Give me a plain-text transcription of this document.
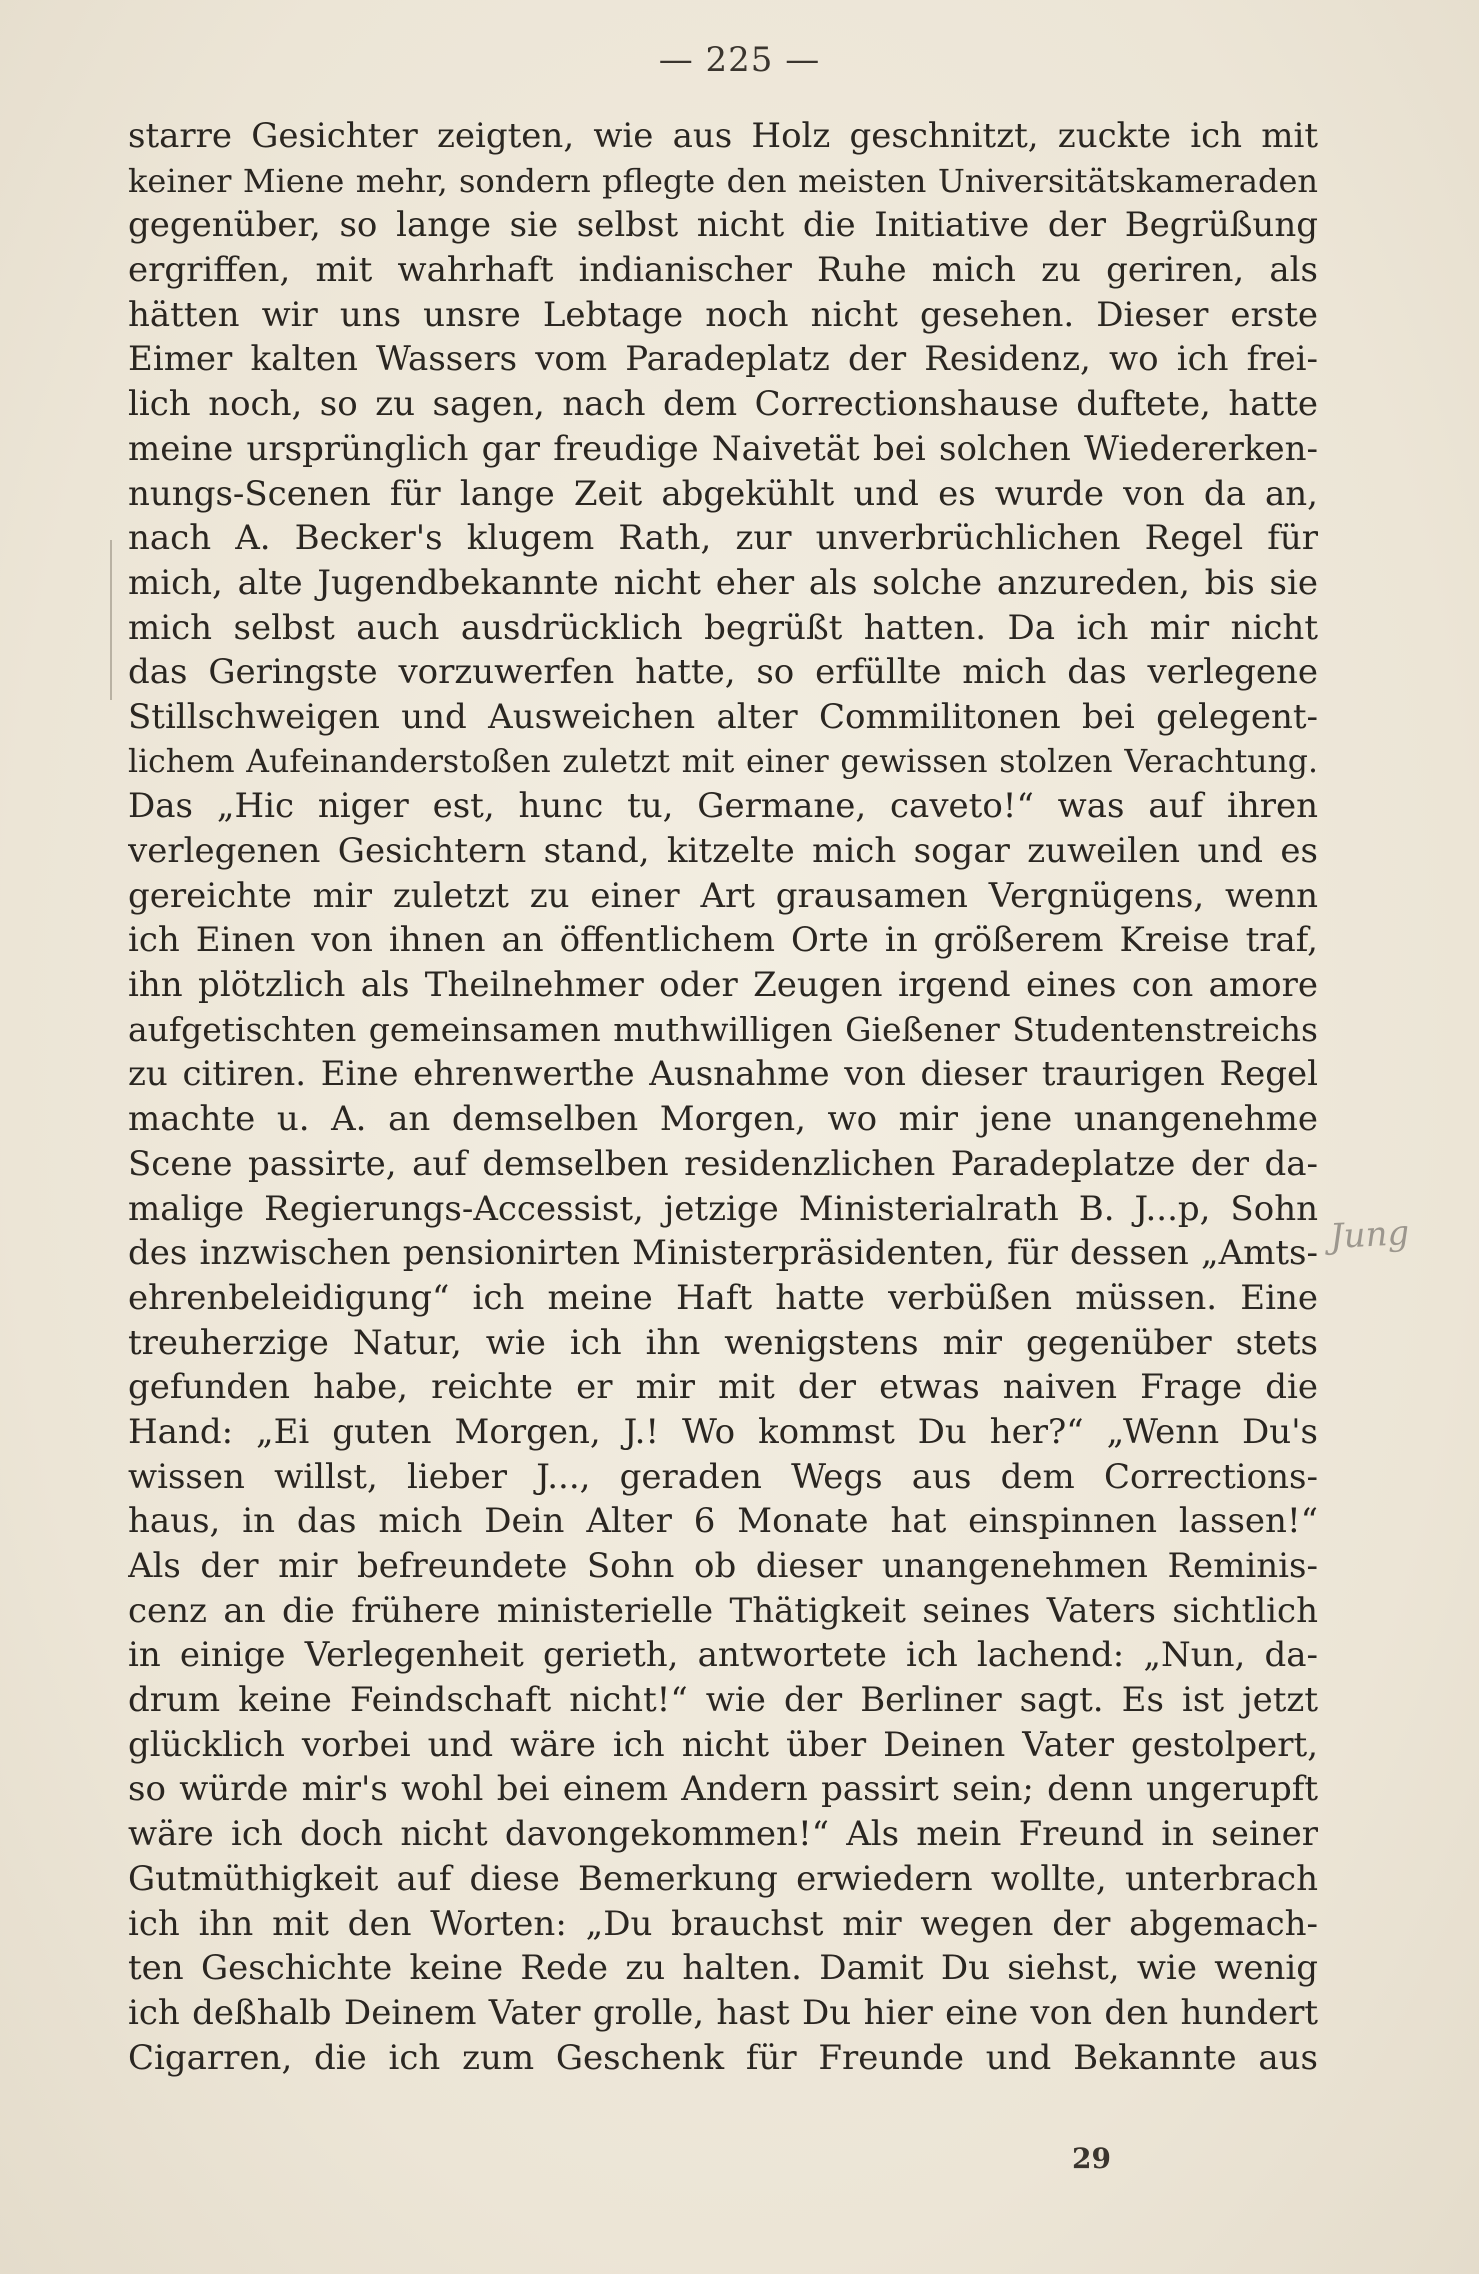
— 225 —
starre Gesichter zeigten, wie aus Holz geschnitzt, zuckte ich mit
keiner Miene mehr, sondern pflegte den meisten Universitätskameraden
gegenüber, so lange sie selbst nicht die Initiative der Begrüßung
ergriffen, mit wahrhaft indianischer Ruhe mich zu geriren, als
hätten wir uns unsre Lebtage noch nicht gesehen. Dieser erste
Eimer kalten Wassers vom Paradeplatz der Residenz, wo ich frei-
lich noch, so zu sagen, nach dem Correctionshause duftete, hatte
meine ursprünglich gar freudige Naivetät bei solchen Wiedererken-
nungs-Scenen für lange Zeit abgekühlt und es wurde von da an,
nach A. Becker's klugem Rath, zur unverbrüchlichen Regel für
mich, alte Jugendbekannte nicht eher als solche anzureden, bis sie
mich selbst auch ausdrücklich begrüßt hatten. Da ich mir nicht
das Geringste vorzuwerfen hatte, so erfüllte mich das verlegene
Stillschweigen und Ausweichen alter Commilitonen bei gelegent-
lichem Aufeinanderstoßen zuletzt mit einer gewissen stolzen Verachtung.
Das „Hic niger est, hunc tu, Germane, caveto!“ was auf ihren
verlegenen Gesichtern stand, kitzelte mich sogar zuweilen und es
gereichte mir zuletzt zu einer Art grausamen Vergnügens, wenn
ich Einen von ihnen an öffentlichem Orte in größerem Kreise traf,
ihn plötzlich als Theilnehmer oder Zeugen irgend eines con amore
aufgetischten gemeinsamen muthwilligen Gießener Studentenstreichs
zu citiren. Eine ehrenwerthe Ausnahme von dieser traurigen Regel
machte u. A. an demselben Morgen, wo mir jene unangenehme
Scene passirte, auf demselben residenzlichen Paradeplatze der da-
malige Regierungs-Accessist, jetzige Ministerialrath B. J...p, Sohn
des inzwischen pensionirten Ministerpräsidenten, für dessen „Amts-
ehrenbeleidigung“ ich meine Haft hatte verbüßen müssen. Eine
treuherzige Natur, wie ich ihn wenigstens mir gegenüber stets
gefunden habe, reichte er mir mit der etwas naiven Frage die
Hand: „Ei guten Morgen, J.! Wo kommst Du her?“ „Wenn Du's
wissen willst, lieber J..., geraden Wegs aus dem Corrections-
haus, in das mich Dein Alter 6 Monate hat einspinnen lassen!“
Als der mir befreundete Sohn ob dieser unangenehmen Reminis-
cenz an die frühere ministerielle Thätigkeit seines Vaters sichtlich
in einige Verlegenheit gerieth, antwortete ich lachend: „Nun, da-
drum keine Feindschaft nicht!“ wie der Berliner sagt. Es ist jetzt
glücklich vorbei und wäre ich nicht über Deinen Vater gestolpert,
so würde mir's wohl bei einem Andern passirt sein; denn ungerupft
wäre ich doch nicht davongekommen!“ Als mein Freund in seiner
Gutmüthigkeit auf diese Bemerkung erwiedern wollte, unterbrach
ich ihn mit den Worten: „Du brauchst mir wegen der abgemach-
ten Geschichte keine Rede zu halten. Damit Du siehst, wie wenig
ich deßhalb Deinem Vater grolle, hast Du hier eine von den hundert
Cigarren, die ich zum Geschenk für Freunde und Bekannte aus
Jung
29
